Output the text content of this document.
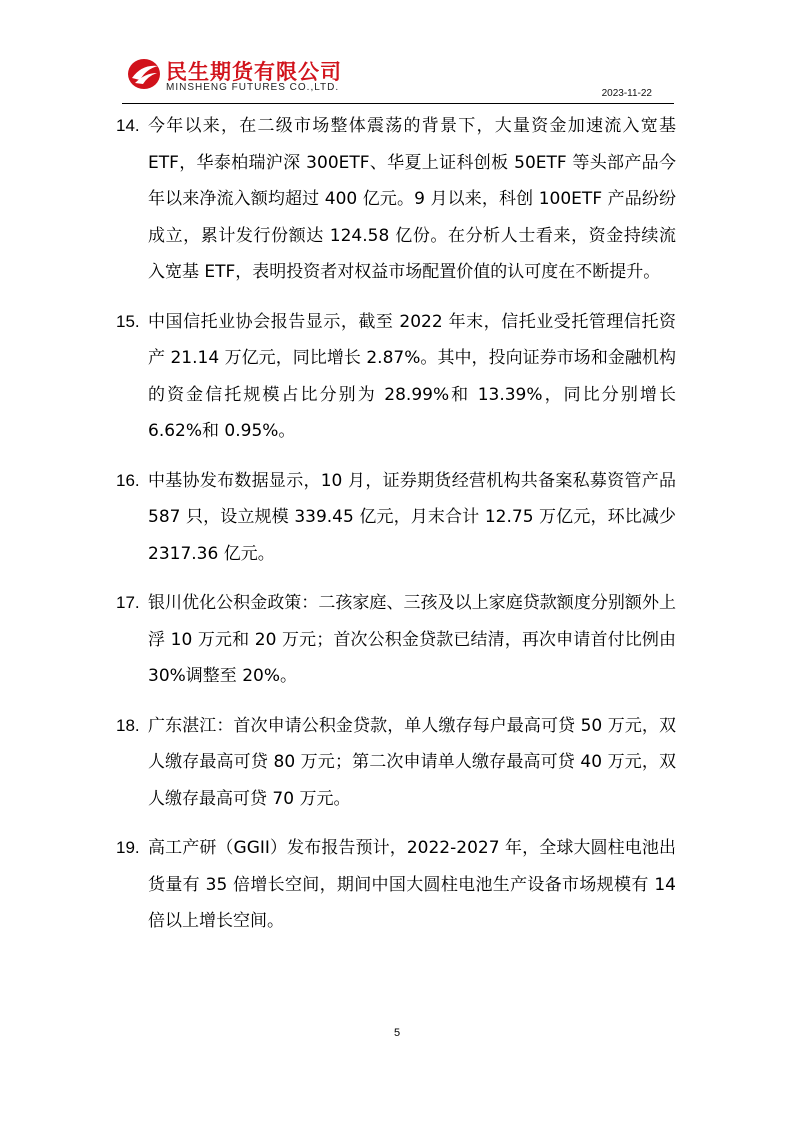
民生期货有限公司
MINSHENG FUTURES CO.,LTD.
2023-11-22
14. 今年以来，在二级市场整体震荡的背景下，大量资金加速流入宽基 ETF，华泰柏瑞沪深 300ETF、华夏上证科创板 50ETF 等头部产品今年以来净流入额均超过 400 亿元。9 月以来，科创 100ETF 产品纷纷成立，累计发行份额达 124.58 亿份。在分析人士看来，资金持续流入宽基 ETF，表明投资者对权益市场配置价值的认可度在不断提升。
15. 中国信托业协会报告显示，截至 2022 年末，信托业受托管理信托资产 21.14 万亿元，同比增长 2.87%。其中，投向证券市场和金融机构的资金信托规模占比分别为 28.99%和 13.39%，同比分别增长 6.62%和 0.95%。
16. 中基协发布数据显示，10 月，证券期货经营机构共备案私募资管产品 587 只，设立规模 339.45 亿元，月末合计 12.75 万亿元，环比减少 2317.36 亿元。
17. 银川优化公积金政策：二孩家庭、三孩及以上家庭贷款额度分别额外上浮 10 万元和 20 万元；首次公积金贷款已结清，再次申请首付比例由 30%调整至 20%。
18. 广东湛江：首次申请公积金贷款，单人缴存每户最高可贷 50 万元，双人缴存最高可贷 80 万元；第二次申请单人缴存最高可贷 40 万元，双人缴存最高可贷 70 万元。
19. 高工产研（GGII）发布报告预计，2022-2027 年，全球大圆柱电池出货量有 35 倍增长空间，期间中国大圆柱电池生产设备市场规模有 14 倍以上增长空间。
5
